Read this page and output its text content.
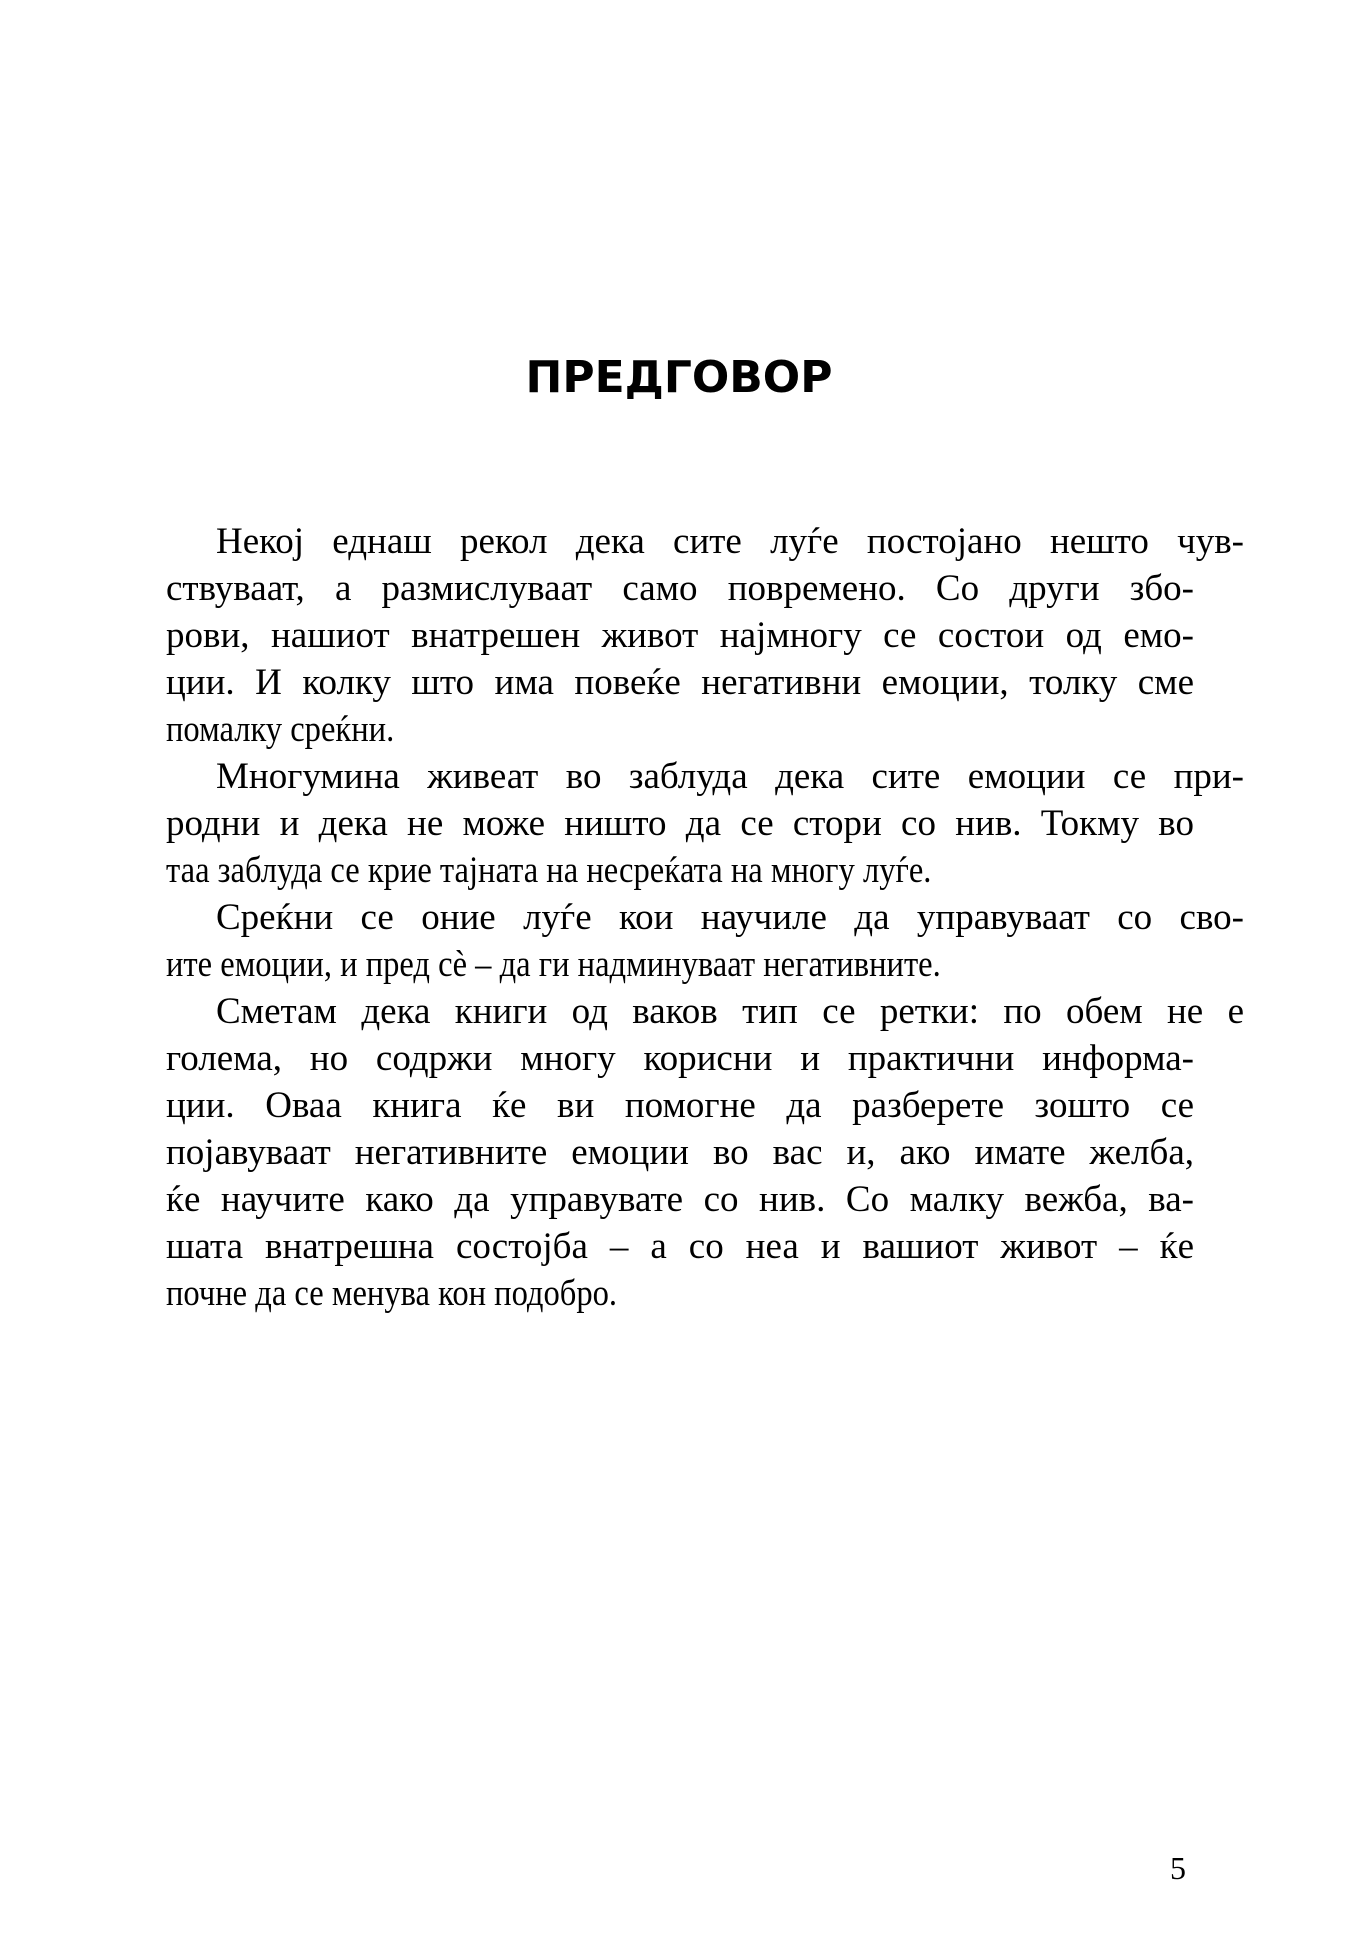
ПРЕДГОВОР
Некој еднаш рекол дека сите луѓе постојано нешто чув-
ствуваат, а размислуваат само повремено. Со други збо-
рови, нашиот внатрешен живот најмногу се состои од емо-
ции. И колку што има повеќе негативни емоции, толку сме
помалку среќни.
Многумина живеат во заблуда дека сите емоции се при-
родни и дека не може ништо да се стори со нив. Токму во
таа заблуда се крие тајната на несреќата на многу луѓе.
Среќни се оние луѓе кои научиле да управуваат со сво-
ите емоции, и пред сè – да ги надминуваат негативните.
Сметам дека книги од ваков тип се ретки: по обем не е
голема, но содржи многу корисни и практични информа-
ции. Оваа книга ќе ви помогне да разберете зошто се
појавуваат негативните емоции во вас и, ако имате желба,
ќе научите како да управувате со нив. Со малку вежба, ва-
шата внатрешна состојба – а со неа и вашиот живот – ќе
почне да се менува кон подобро.
5
